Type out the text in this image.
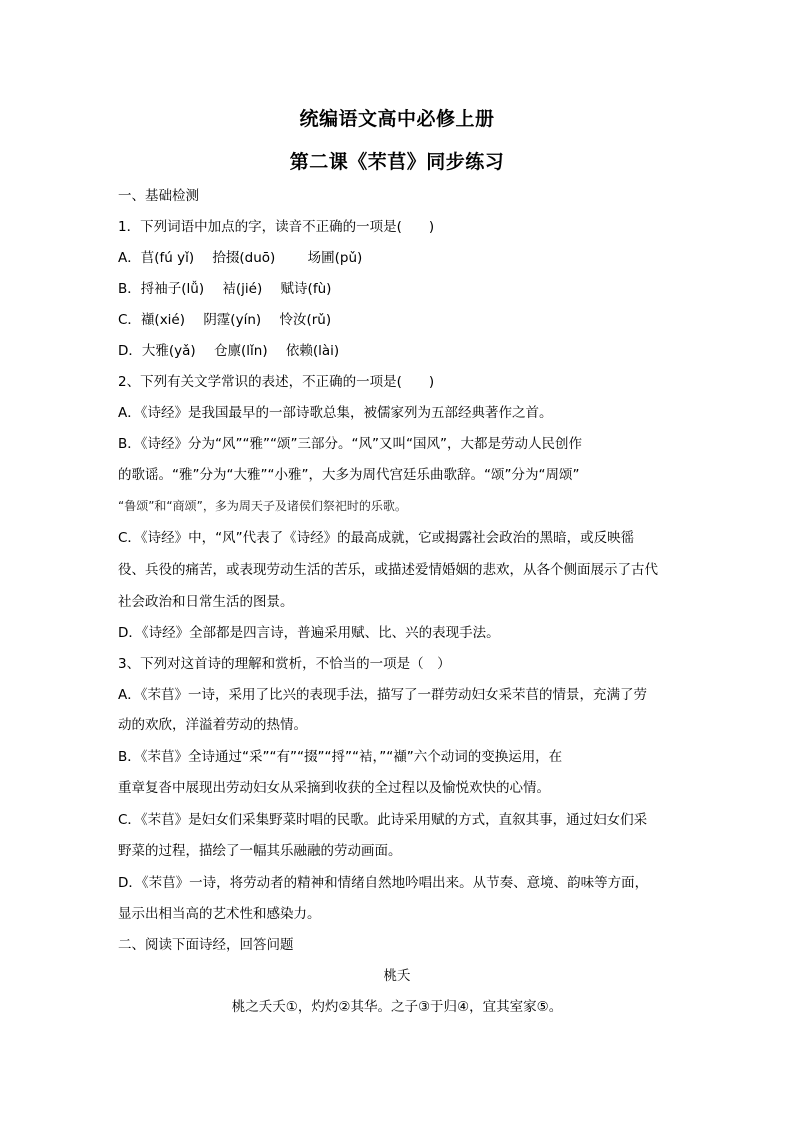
统编语文高中必修上册
第二课《芣苢》同步练习
一、基础检测
1．下列词语中加点的字，读音不正确的一项是(　　)
A．苢(fú yǐ) 拾掇(duō) 场圃(pǔ)
B．捋袖子(lǚ) 袺(jié) 赋诗(fù)
C．襭(xié) 阴霪(yín) 怜汝(rǔ)
D．大雅(yǎ) 仓廪(lǐn) 依赖(lài)
2、下列有关文学常识的表述，不正确的一项是(　　)
A．《诗经》是我国最早的一部诗歌总集，被儒家列为五部经典著作之首。
B．《诗经》分为“风”“雅”“颂”三部分。“风”又叫“国风”，大都是劳动人民创作
的歌谣。“雅”分为“大雅”“小雅”，大多为周代宫廷乐曲歌辞。“颂”分为“周颂”
“鲁颂”和“商颂”，多为周天子及诸侯们祭祀时的乐歌。
C．《诗经》中，“风”代表了《诗经》的最高成就，它或揭露社会政治的黑暗，或反映徭
役、兵役的痛苦，或表现劳动生活的苦乐，或描述爱情婚姻的悲欢，从各个侧面展示了古代
社会政治和日常生活的图景。
D．《诗经》全部都是四言诗，普遍采用赋、比、兴的表现手法。
3、下列对这首诗的理解和赏析，不恰当的一项是（　）
A．《芣苢》一诗，采用了比兴的表现手法，描写了一群劳动妇女采芣苢的情景，充满了劳
动的欢欣，洋溢着劳动的热情。
B．《芣苢》全诗通过“采”“有”“掇”“捋”“袺，”“襭”六个动词的变换运用，在
重章复沓中展现出劳动妇女从采摘到收获的全过程以及愉悦欢快的心情。
C．《芣苢》是妇女们采集野菜时唱的民歌。此诗采用赋的方式，直叙其事，通过妇女们采
野菜的过程，描绘了一幅其乐融融的劳动画面。
D．《芣苢》一诗，将劳动者的精神和情绪自然地吟唱出来。从节奏、意境、韵味等方面，
显示出相当高的艺术性和感染力。
二、阅读下面诗经，回答问题
桃夭
桃之夭夭①，灼灼②其华。之子③于归④，宜其室家⑤。
